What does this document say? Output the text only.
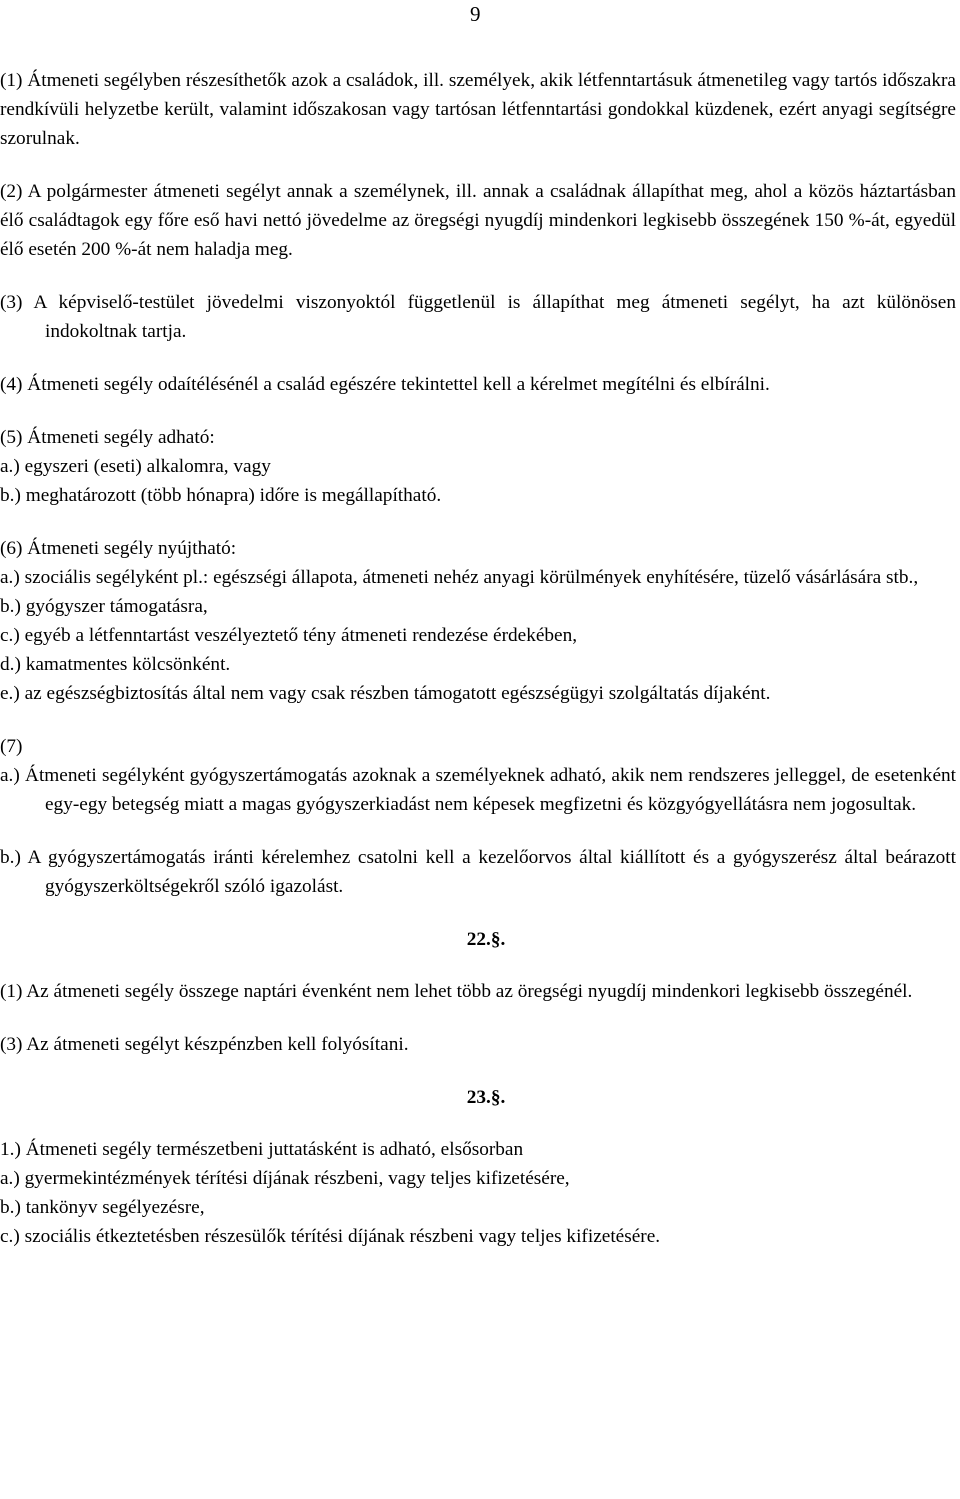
9

(1) Átmeneti segélyben részesíthetők azok a családok, ill. személyek, akik létfenntartásuk átmenetileg vagy tartós időszakra rendkívüli helyzetbe került, valamint időszakosan vagy tartósan létfenntartási gondokkal küzdenek, ezért anyagi segítségre szorulnak.

(2) A polgármester átmeneti segélyt annak a személynek, ill. annak a családnak állapíthat meg, ahol a közös háztartásban élő családtagok egy főre eső havi nettó jövedelme az öregségi nyugdíj mindenkori legkisebb összegének 150 %-át, egyedül élő esetén 200 %-át nem haladja meg.

(3) A képviselő-testület jövedelmi viszonyoktól függetlenül is állapíthat meg átmeneti segélyt, ha azt különösen indokoltnak tartja.

(4) Átmeneti segély odaítélésénél a család egészére tekintettel kell a kérelmet megítélni és elbírálni.

(5) Átmeneti segély adható:

a.) egyszeri (eseti) alkalomra, vagy

b.) meghatározott (több hónapra) időre is megállapítható.

(6) Átmeneti segély nyújtható:

a.) szociális segélyként pl.: egészségi állapota, átmeneti nehéz anyagi körülmények enyhítésére, tüzelő vásárlására stb.,

b.) gyógyszer támogatásra,

c.) egyéb a létfenntartást veszélyeztető tény átmeneti rendezése érdekében,

d.) kamatmentes kölcsönként.

e.) az egészségbiztosítás által nem vagy csak részben támogatott egészségügyi szolgáltatás díjaként.

(7)

a.) Átmeneti segélyként gyógyszertámogatás azoknak a személyeknek adható, akik nem rendszeres jelleggel, de esetenként egy-egy betegség miatt a magas gyógyszerkiadást nem képesek megfizetni és közgyógyellátásra nem jogosultak.

b.) A gyógyszertámogatás iránti kérelemhez csatolni kell a kezelőorvos által kiállított és a gyógyszerész által beárazott gyógyszerköltségekről szóló igazolást.

22.§.

(1) Az átmeneti segély összege naptári évenként nem lehet több az öregségi nyugdíj mindenkori legkisebb összegénél.

(3) Az átmeneti segélyt készpénzben kell folyósítani.

23.§.

1.) Átmeneti segély természetbeni juttatásként is adható, elsősorban

a.) gyermekintézmények térítési díjának részbeni, vagy teljes kifizetésére,

b.) tankönyv segélyezésre,

c.) szociális étkeztetésben részesülők térítési díjának részbeni vagy teljes kifizetésére.
